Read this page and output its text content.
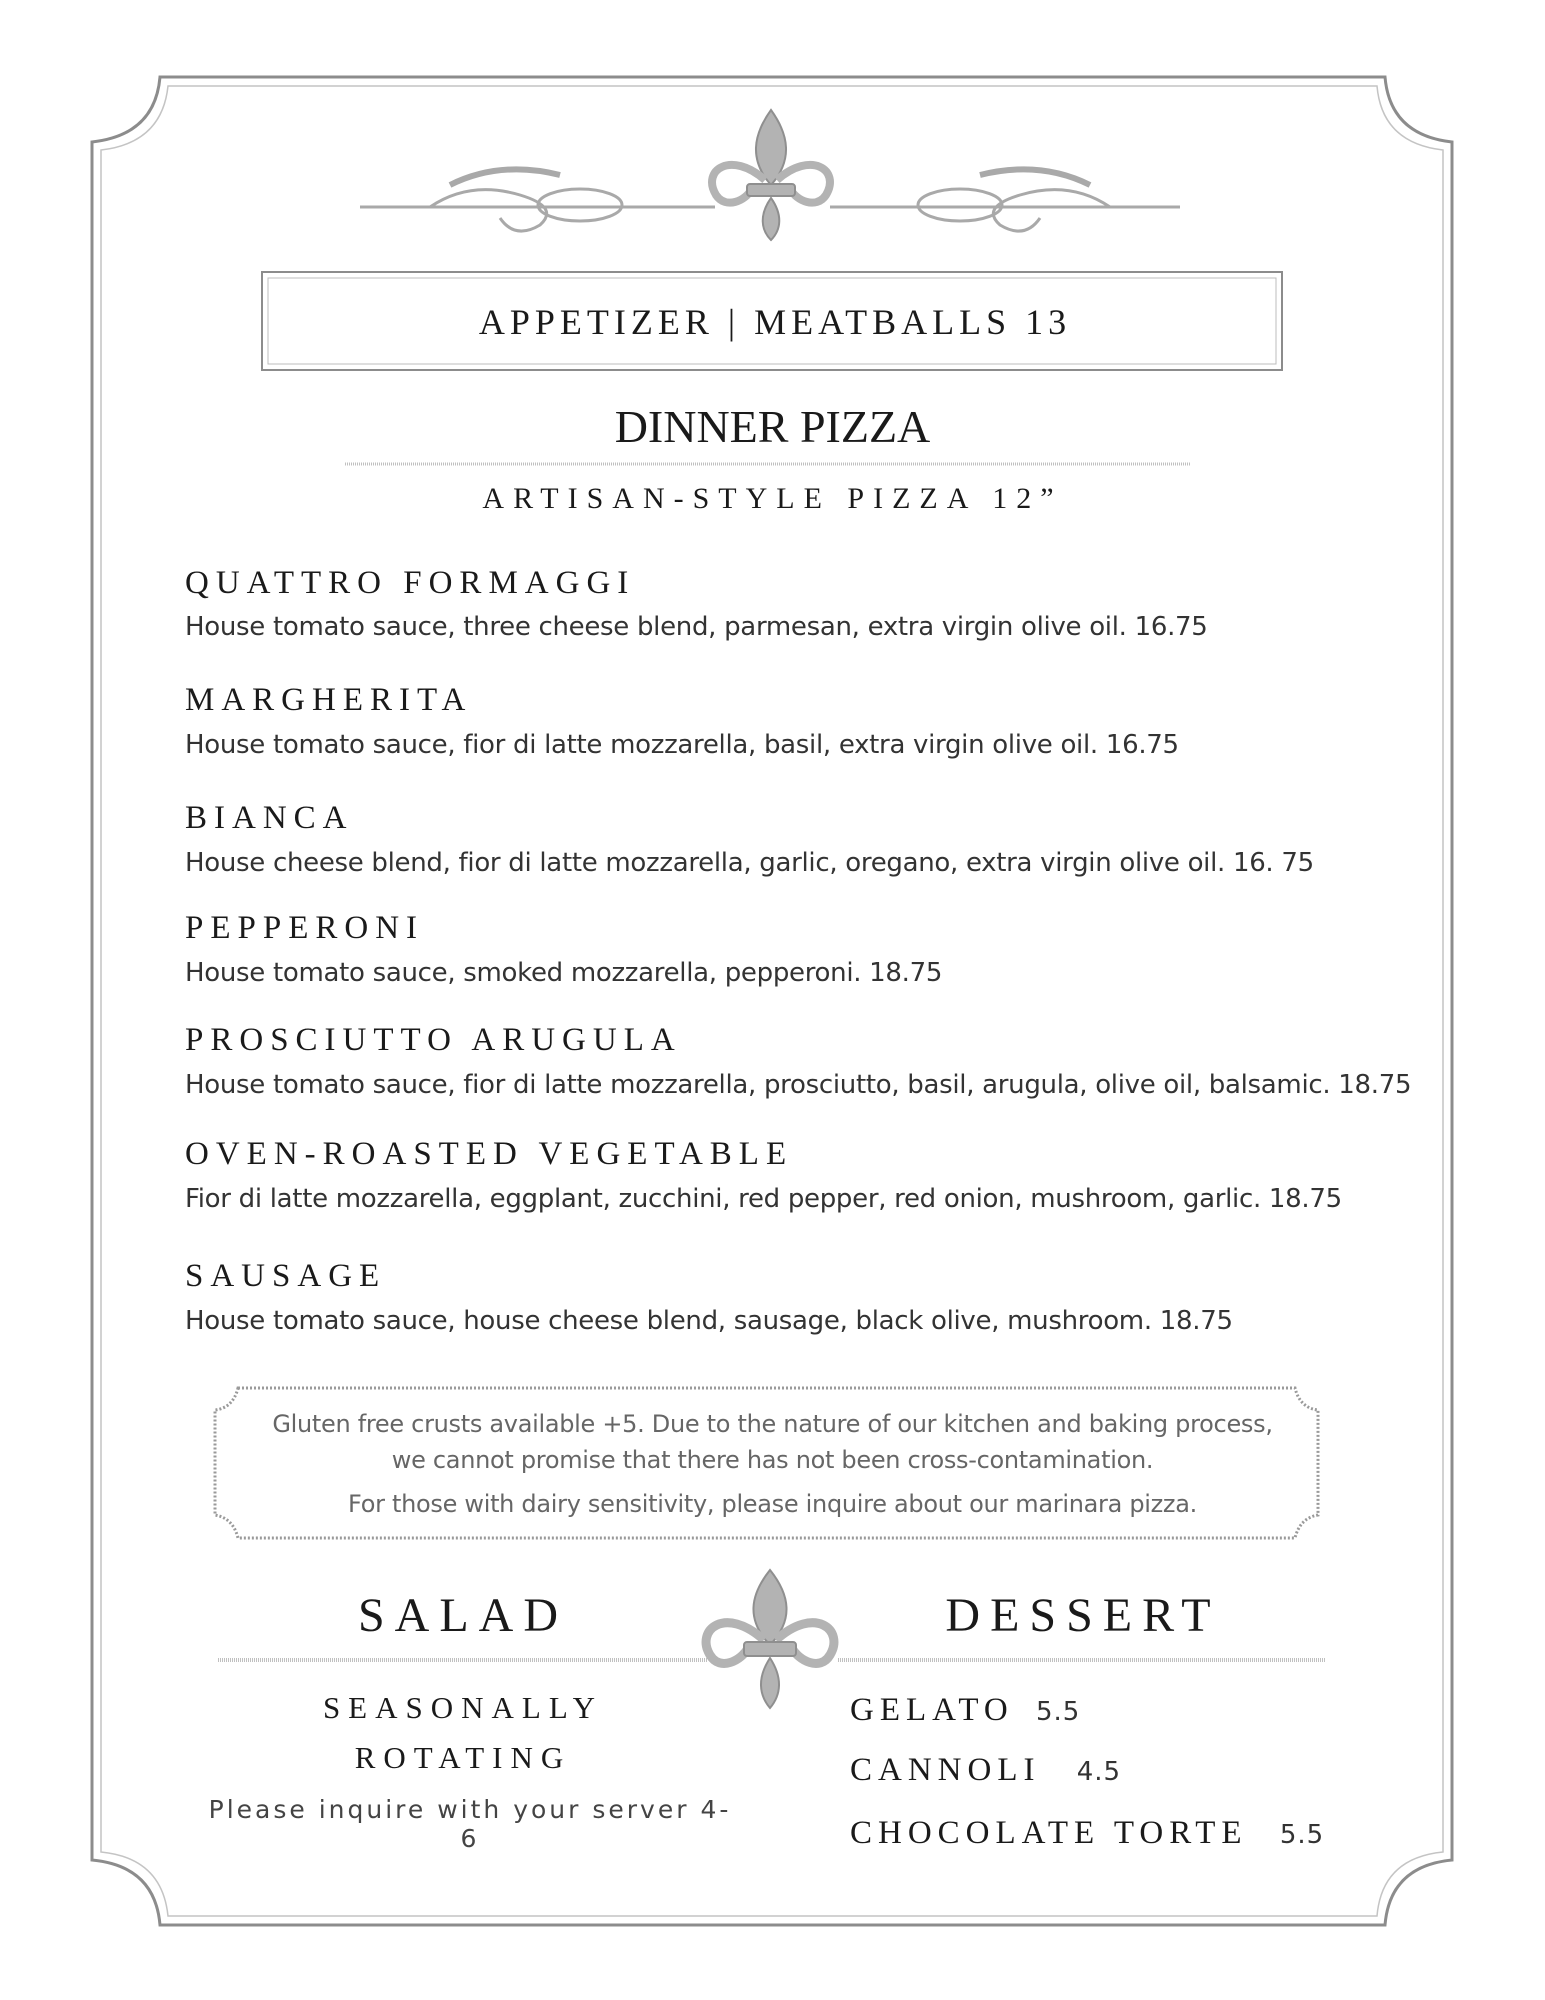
APPETIZER | MEATBALLS 13
DINNER PIZZA
ARTISAN-STYLE PIZZA 12”
QUATTRO FORMAGGI
House tomato sauce, three cheese blend, parmesan, extra virgin olive oil. 16.75
MARGHERITA
House tomato sauce, fior di latte mozzarella, basil, extra virgin olive oil. 16.75
BIANCA
House cheese blend, fior di latte mozzarella, garlic, oregano, extra virgin olive oil. 16. 75
PEPPERONI
House tomato sauce, smoked mozzarella, pepperoni. 18.75
PROSCIUTTO ARUGULA
House tomato sauce, fior di latte mozzarella, prosciutto, basil, arugula, olive oil, balsamic. 18.75
OVEN-ROASTED VEGETABLE
Fior di latte mozzarella, eggplant, zucchini, red pepper, red onion, mushroom, garlic. 18.75
SAUSAGE
House tomato sauce, house cheese blend, sausage, black olive, mushroom. 18.75
Gluten free crusts available +5. Due to the nature of our kitchen and baking process,
we cannot promise that there has not been cross-contamination.
For those with dairy sensitivity, please inquire about our marinara pizza.
SALAD
SEASONALLY
ROTATING
Please inquire with your server 4-6
DESSERT
GELATO 5.5
CANNOLI 4.5
CHOCOLATE TORTE 5.5
